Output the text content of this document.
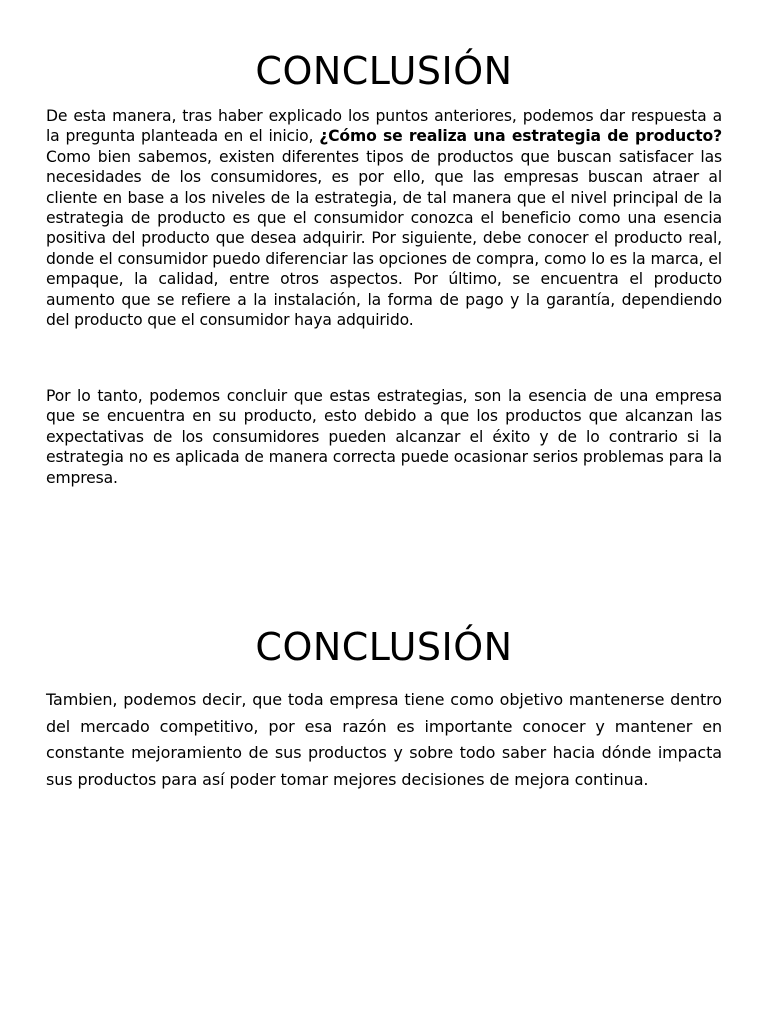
CONCLUSIÓN

De esta manera, tras haber explicado los puntos anteriores, podemos dar respuesta a la pregunta planteada en el inicio, ¿Cómo se realiza una estrategia de producto? Como bien sabemos, existen diferentes tipos de productos que buscan satisfacer las necesidades de los consumidores, es por ello, que las empresas buscan atraer al cliente en base a los niveles de la estrategia, de tal manera que el nivel principal de la estrategia de producto es que el consumidor conozca el beneficio como una esencia positiva del producto que desea adquirir. Por siguiente, debe conocer el producto real, donde el consumidor puedo diferenciar las opciones de compra, como lo es la marca, el empaque, la calidad, entre otros aspectos. Por último, se encuentra el producto aumento que se refiere a la instalación, la forma de pago y la garantía, dependiendo del producto que el consumidor haya adquirido.

Por lo tanto, podemos concluir que estas estrategias, son la esencia de una empresa que se encuentra en su producto, esto debido a que los productos que alcanzan las expectativas de los consumidores pueden alcanzar el éxito y de lo contrario si la estrategia no es aplicada de manera correcta puede ocasionar serios problemas para la empresa.

CONCLUSIÓN

Tambien, podemos decir, que toda empresa tiene como objetivo mantenerse dentro del mercado competitivo, por esa razón es importante conocer y mantener en constante mejoramiento de sus productos y sobre todo saber hacia dónde impacta sus productos para así poder tomar mejores decisiones de mejora continua.
